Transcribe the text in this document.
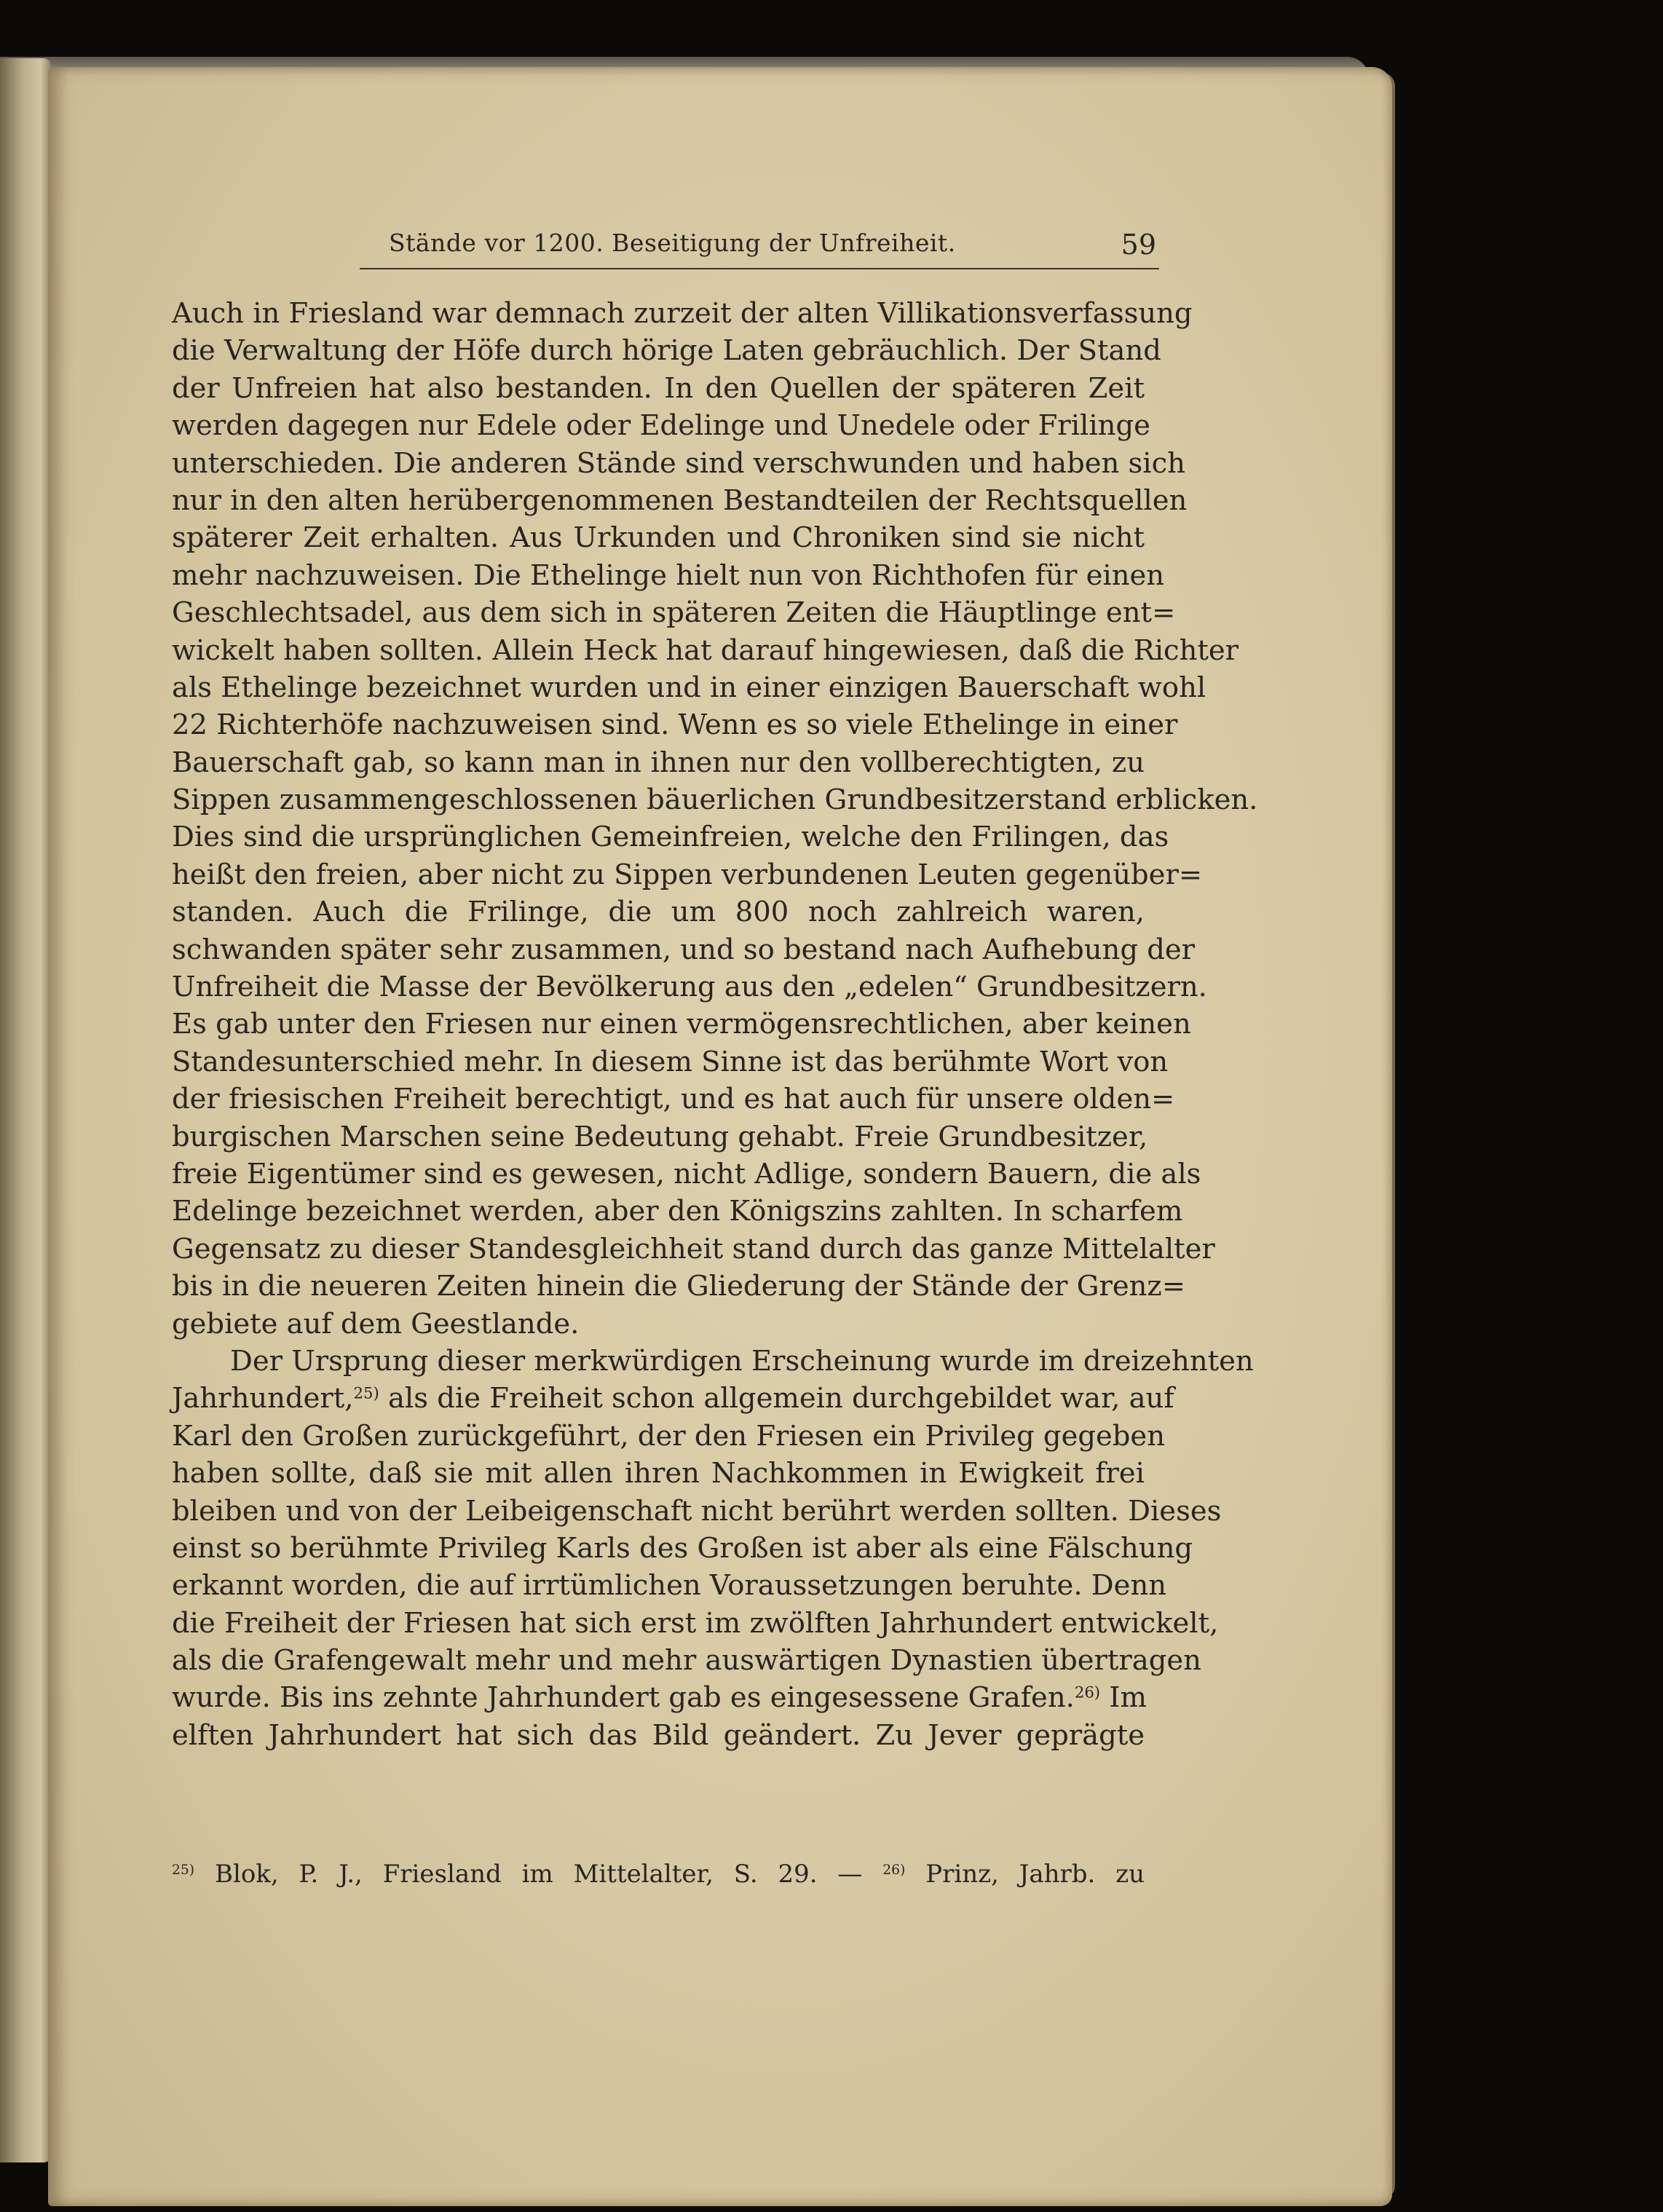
Stände vor 1200. Beseitigung der Unfreiheit.	59
Auch in Friesland war demnach zurzeit der alten Villikationsverfassung
die Verwaltung der Höfe durch hörige Laten gebräuchlich. Der Stand
der Unfreien hat also bestanden. In den Quellen der späteren Zeit
werden dagegen nur Edele oder Edelinge und Unedele oder Frilinge
unterschieden. Die anderen Stände sind verschwunden und haben sich
nur in den alten herübergenommenen Bestandteilen der Rechtsquellen
späterer Zeit erhalten. Aus Urkunden und Chroniken sind sie nicht
mehr nachzuweisen. Die Ethelinge hielt nun von Richthofen für einen
Geschlechtsadel, aus dem sich in späteren Zeiten die Häuptlinge ent=
wickelt haben sollten. Allein Heck hat darauf hingewiesen, daß die Richter
als Ethelinge bezeichnet wurden und in einer einzigen Bauerschaft wohl
22 Richterhöfe nachzuweisen sind. Wenn es so viele Ethelinge in einer
Bauerschaft gab, so kann man in ihnen nur den vollberechtigten, zu
Sippen zusammengeschlossenen bäuerlichen Grundbesitzerstand erblicken.
Dies sind die ursprünglichen Gemeinfreien, welche den Frilingen, das
heißt den freien, aber nicht zu Sippen verbundenen Leuten gegenüber=
standen. Auch die Frilinge, die um 800 noch zahlreich waren,
schwanden später sehr zusammen, und so bestand nach Aufhebung der
Unfreiheit die Masse der Bevölkerung aus den „edelen“ Grundbesitzern.
Es gab unter den Friesen nur einen vermögensrechtlichen, aber keinen
Standesunterschied mehr. In diesem Sinne ist das berühmte Wort von
der friesischen Freiheit berechtigt, und es hat auch für unsere olden=
burgischen Marschen seine Bedeutung gehabt. Freie Grundbesitzer,
freie Eigentümer sind es gewesen, nicht Adlige, sondern Bauern, die als
Edelinge bezeichnet werden, aber den Königszins zahlten. In scharfem
Gegensatz zu dieser Standesgleichheit stand durch das ganze Mittelalter
bis in die neueren Zeiten hinein die Gliederung der Stände der Grenz=
gebiete auf dem Geestlande.
Der Ursprung dieser merkwürdigen Erscheinung wurde im dreizehnten
Jahrhundert,$^{25)}$ als die Freiheit schon allgemein durchgebildet war, auf
Karl den Großen zurückgeführt, der den Friesen ein Privileg gegeben
haben sollte, daß sie mit allen ihren Nachkommen in Ewigkeit frei
bleiben und von der Leibeigenschaft nicht berührt werden sollten. Dieses
einst so berühmte Privileg Karls des Großen ist aber als eine Fälschung
erkannt worden, die auf irrtümlichen Voraussetzungen beruhte. Denn
die Freiheit der Friesen hat sich erst im zwölften Jahrhundert entwickelt,
als die Grafengewalt mehr und mehr auswärtigen Dynastien übertragen
wurde. Bis ins zehnte Jahrhundert gab es eingesessene Grafen.$^{26)}$ Im
elften Jahrhundert hat sich das Bild geändert. Zu Jever geprägte
$^{25)}$ Blok, P. J., Friesland im Mittelalter, S. 29. — $^{26)}$ Prinz, Jahrb. zu
